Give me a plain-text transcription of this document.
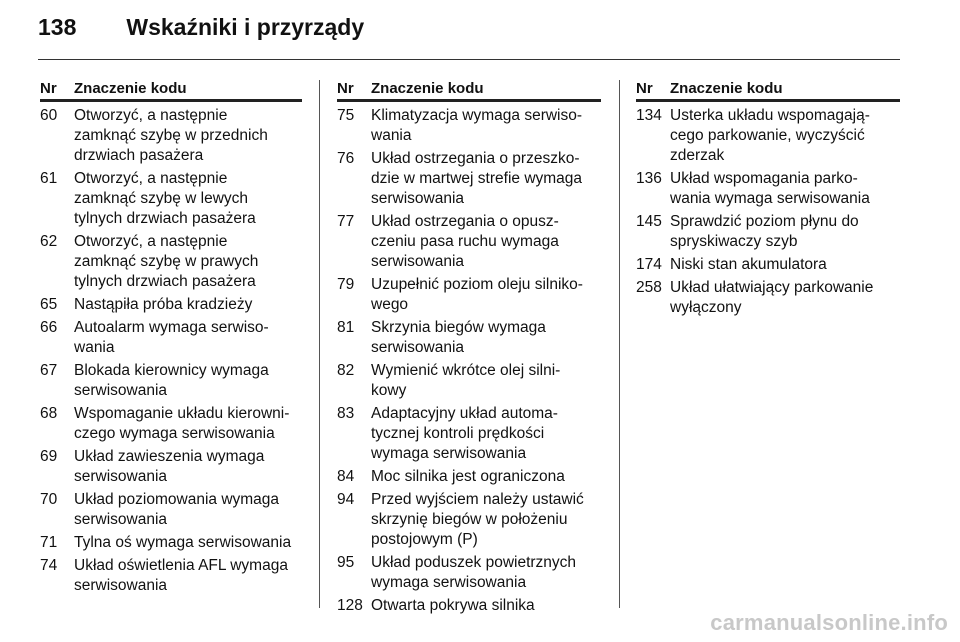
138 Wskaźniki i przyrządy
Nr	Znaczenie kodu
60	Otworzyć, a następnie
zamknąć szybę w przednich
drzwiach pasażera
61	Otworzyć, a następnie
zamknąć szybę w lewych
tylnych drzwiach pasażera
62	Otworzyć, a następnie
zamknąć szybę w prawych
tylnych drzwiach pasażera
65	Nastąpiła próba kradzieży
66	Autoalarm wymaga serwiso-
wania
67	Blokada kierownicy wymaga
serwisowania
68	Wspomaganie układu kierowni-
czego wymaga serwisowania
69	Układ zawieszenia wymaga
serwisowania
70	Układ poziomowania wymaga
serwisowania
71	Tylna oś wymaga serwisowania
74	Układ oświetlenia AFL wymaga
serwisowania
Nr	Znaczenie kodu
75	Klimatyzacja wymaga serwiso-
wania
76	Układ ostrzegania o przeszko-
dzie w martwej strefie wymaga
serwisowania
77	Układ ostrzegania o opusz-
czeniu pasa ruchu wymaga
serwisowania
79	Uzupełnić poziom oleju silniko-
wego
81	Skrzynia biegów wymaga
serwisowania
82	Wymienić wkrótce olej silni-
kowy
83	Adaptacyjny układ automa-
tycznej kontroli prędkości
wymaga serwisowania
84	Moc silnika jest ograniczona
94	Przed wyjściem należy ustawić
skrzynię biegów w położeniu
postojowym (P)
95	Układ poduszek powietrznych
wymaga serwisowania
128 Otwarta pokrywa silnika
Nr	Znaczenie kodu
134 Usterka układu wspomagają-
cego parkowanie, wyczyścić
zderzak
136 Układ wspomagania parko-
wania wymaga serwisowania
145 Sprawdzić poziom płynu do
spryskiwaczy szyb
174 Niski stan akumulatora
258 Układ ułatwiający parkowanie
wyłączony
carmanualsonline.info
